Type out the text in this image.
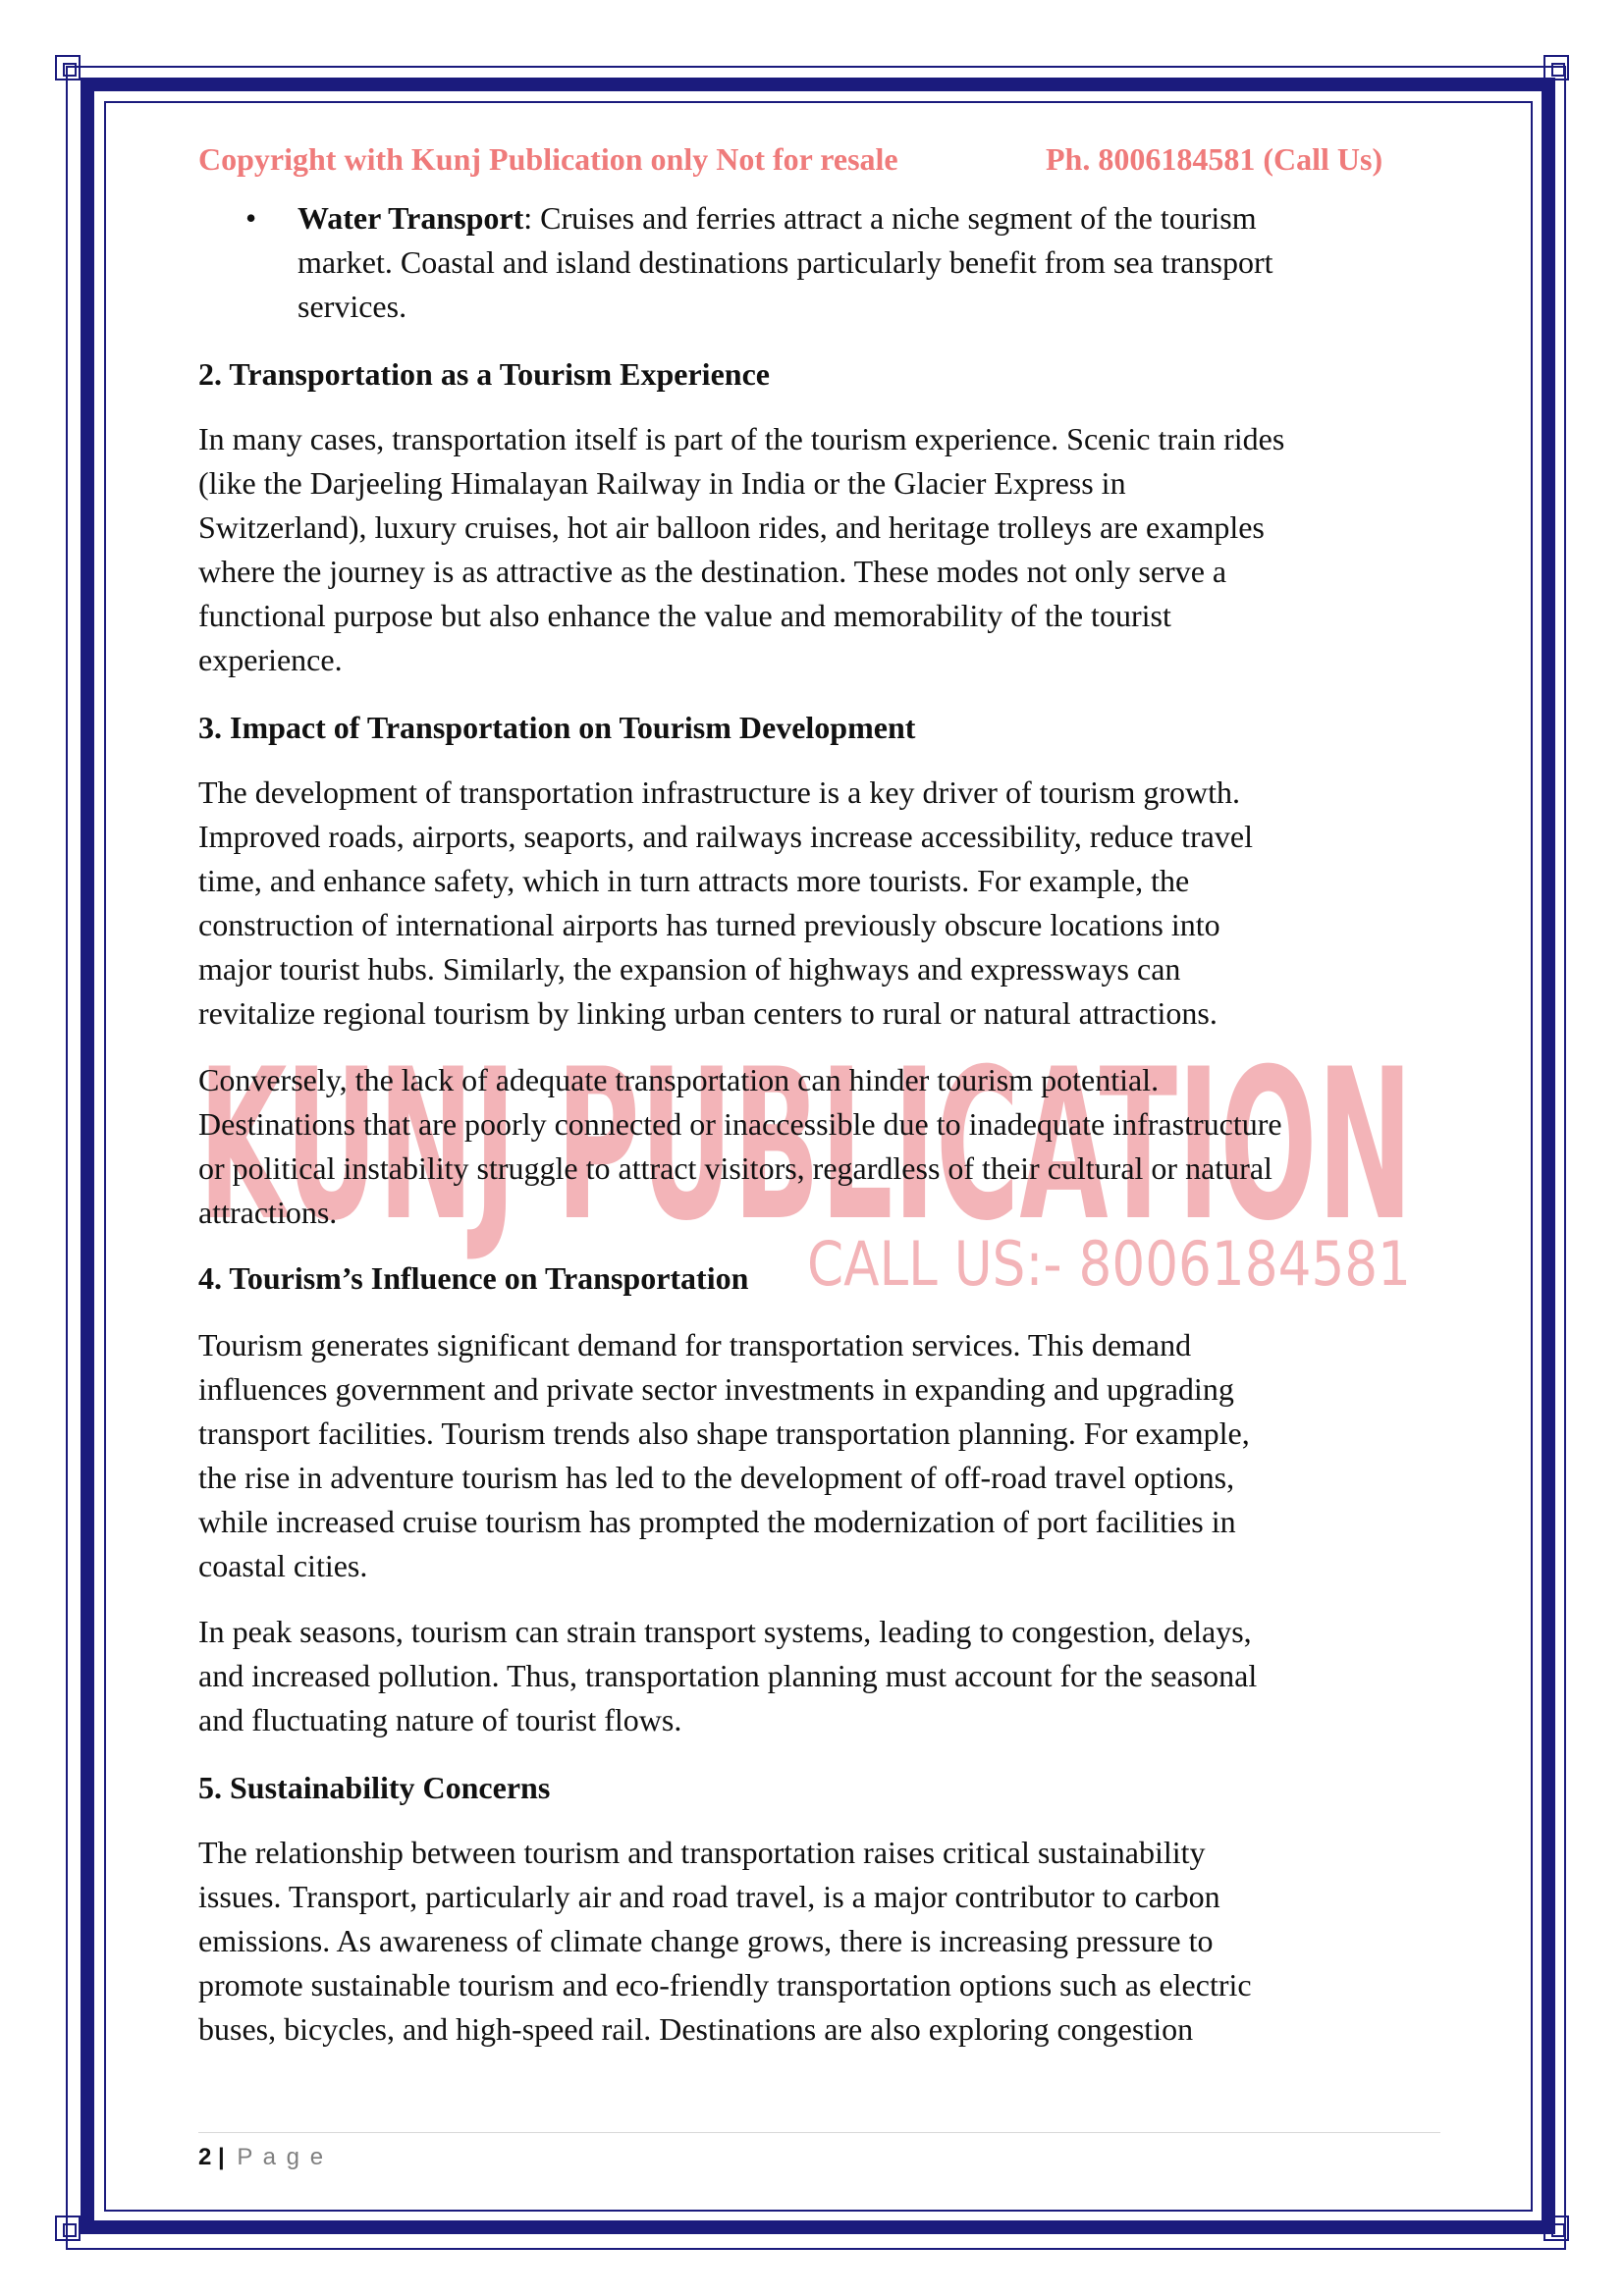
KUNJ PUBLICATION
CALL US:- 8006184581
Copyright with Kunj Publication only Not for resale	Ph. 8006184581 (Call Us)
• Water Transport: Cruises and ferries attract a niche segment of the tourism
market. Coastal and island destinations particularly benefit from sea transport
services.
2. Transportation as a Tourism Experience
In many cases, transportation itself is part of the tourism experience. Scenic train rides
(like the Darjeeling Himalayan Railway in India or the Glacier Express in
Switzerland), luxury cruises, hot air balloon rides, and heritage trolleys are examples
where the journey is as attractive as the destination. These modes not only serve a
functional purpose but also enhance the value and memorability of the tourist
experience.
3. Impact of Transportation on Tourism Development
The development of transportation infrastructure is a key driver of tourism growth.
Improved roads, airports, seaports, and railways increase accessibility, reduce travel
time, and enhance safety, which in turn attracts more tourists. For example, the
construction of international airports has turned previously obscure locations into
major tourist hubs. Similarly, the expansion of highways and expressways can
revitalize regional tourism by linking urban centers to rural or natural attractions.
Conversely, the lack of adequate transportation can hinder tourism potential.
Destinations that are poorly connected or inaccessible due to inadequate infrastructure
or political instability struggle to attract visitors, regardless of their cultural or natural
attractions.
4. Tourism’s Influence on Transportation
Tourism generates significant demand for transportation services. This demand
influences government and private sector investments in expanding and upgrading
transport facilities. Tourism trends also shape transportation planning. For example,
the rise in adventure tourism has led to the development of off-road travel options,
while increased cruise tourism has prompted the modernization of port facilities in
coastal cities.
In peak seasons, tourism can strain transport systems, leading to congestion, delays,
and increased pollution. Thus, transportation planning must account for the seasonal
and fluctuating nature of tourist flows.
5. Sustainability Concerns
The relationship between tourism and transportation raises critical sustainability
issues. Transport, particularly air and road travel, is a major contributor to carbon
emissions. As awareness of climate change grows, there is increasing pressure to
promote sustainable tourism and eco-friendly transportation options such as electric
buses, bicycles, and high-speed rail. Destinations are also exploring congestion
2 | P a g e
